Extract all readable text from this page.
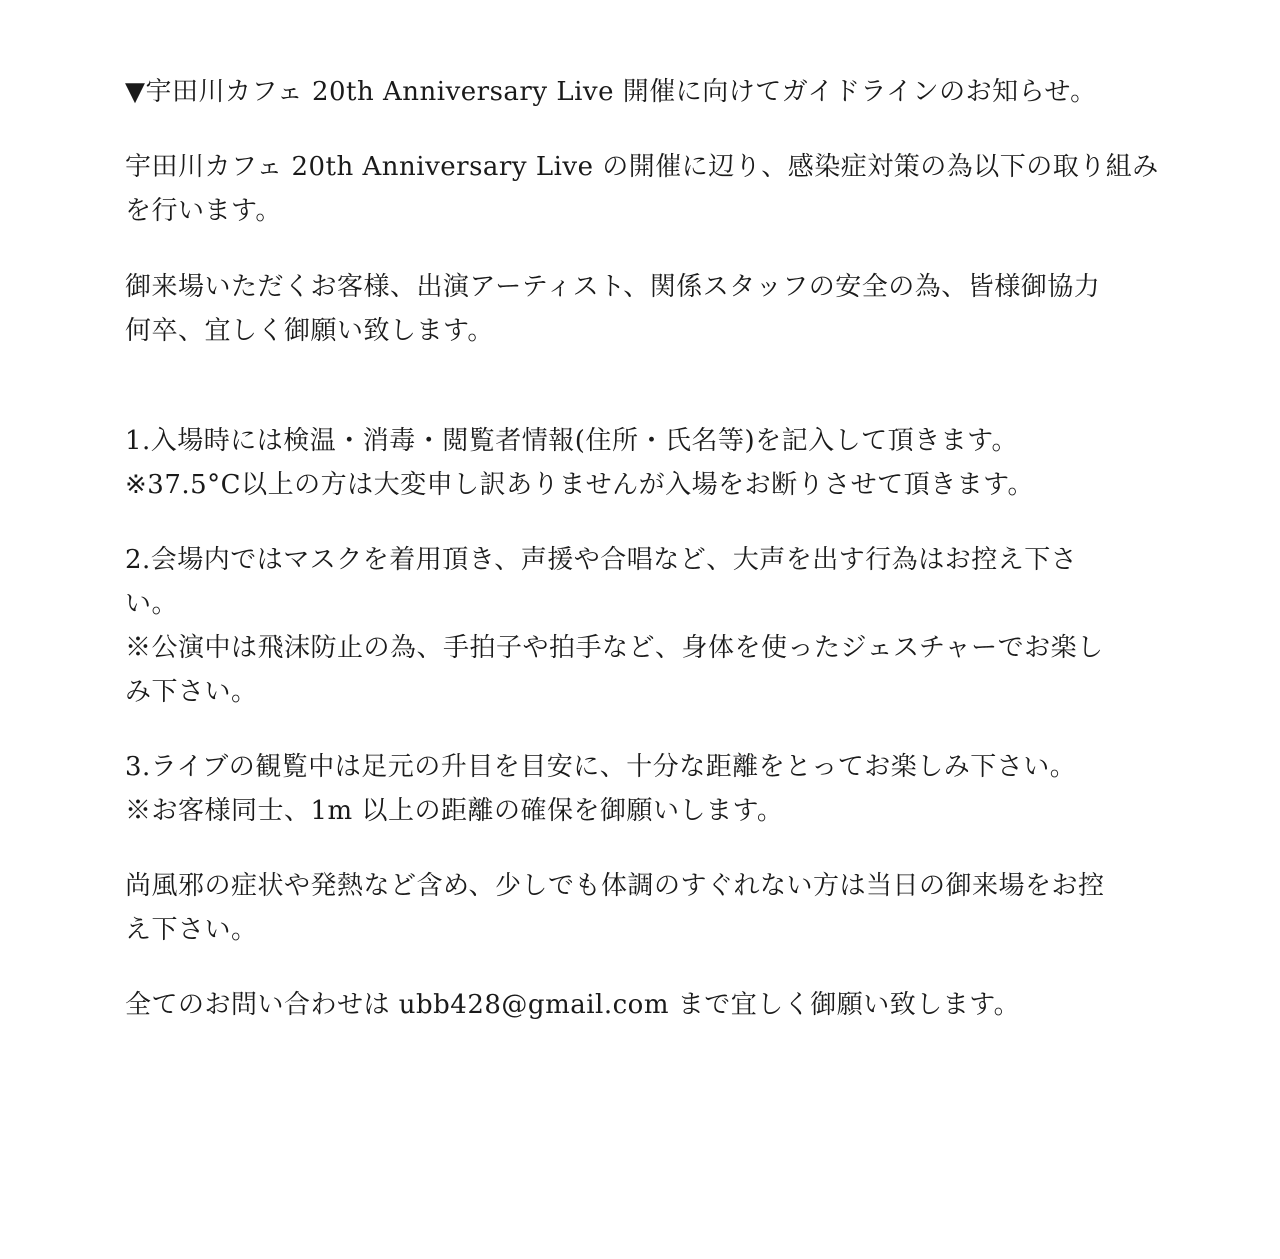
▼宇田川カフェ 20th Anniversary Live 開催に向けてガイドラインのお知らせ。
宇田川カフェ 20th Anniversary Live の開催に辺り、感染症対策の為以下の取り組み
を行います。
御来場いただくお客様、出演アーティスト、関係スタッフの安全の為、皆様御協力
何卒、宜しく御願い致します。
1.入場時には検温・消毒・閲覧者情報(住所・氏名等)を記入して頂きます。
※37.5°C以上の方は大変申し訳ありませんが入場をお断りさせて頂きます。
2.会場内ではマスクを着用頂き、声援や合唱など、大声を出す行為はお控え下さ
い。
※公演中は飛沫防止の為、手拍子や拍手など、身体を使ったジェスチャーでお楽し
み下さい。
3.ライブの観覧中は足元の升目を目安に、十分な距離をとってお楽しみ下さい。
※お客様同士、1m 以上の距離の確保を御願いします。
尚風邪の症状や発熱など含め、少しでも体調のすぐれない方は当日の御来場をお控
え下さい。
全てのお問い合わせは ubb428@gmail.com まで宜しく御願い致します。
